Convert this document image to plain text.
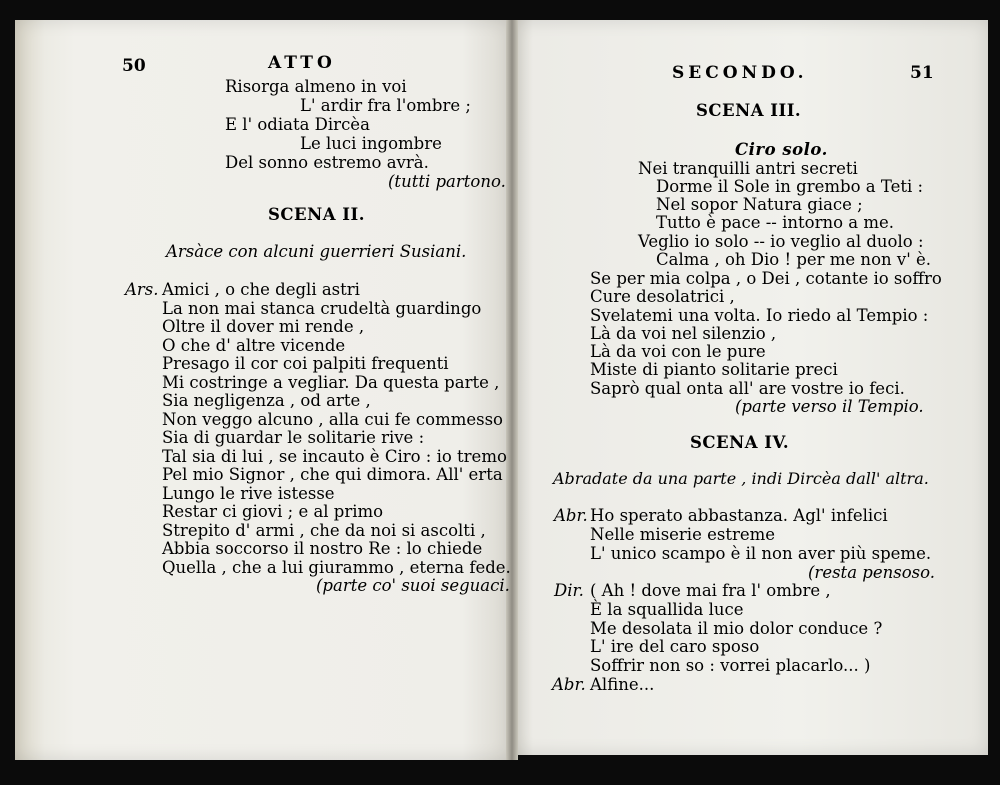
50	ATTO
Risorga almeno in voi
L' ardir fra l'ombre ;
E l' odiata Dircèa
Le luci ingombre
Del sonno estremo avrà.
(tutti partono.
SCENA II.
Arsàce con alcuni guerrieri Susiani.
Ars. Amici , o che degli astri
La non mai stanca crudeltà guardingo
Oltre il dover mi rende ,
O che d' altre vicende
Presago il cor coi palpiti frequenti
Mi costringe a vegliar. Da questa parte ,
Sia negligenza , od arte ,
Non veggo alcuno , alla cui fe commesso
Sia di guardar le solitarie rive :
Tal sia di lui , se incauto è Ciro : io tremo
Pel mio Signor , che qui dimora. All' erta
Lungo le rive istesse
Restar ci giovi ; e al primo
Strepito d' armi , che da noi si ascolti ,
Abbia soccorso il nostro Re : lo chiede
Quella , che a lui giurammo , eterna fede.
(parte co' suoi seguaci.
SECONDO.	51
SCENA III.
Ciro solo.
Nei tranquilli antri secreti
Dorme il Sole in grembo a Teti :
Nel sopor Natura giace ;
Tutto è pace -- intorno a me.
Veglio io solo -- io veglio al duolo :
Calma , oh Dio ! per me non v' è.
Se per mia colpa , o Dei , cotante io soffro
Cure desolatrici ,
Svelatemi una volta. Io riedo al Tempio :
Là da voi nel silenzio ,
Là da voi con le pure
Miste di pianto solitarie preci
Saprò qual onta all' are vostre io feci.
(parte verso il Tempio.
SCENA IV.
Abradate da una parte , indi Dircèa dall' altra.
Abr. Ho sperato abbastanza. Agl' infelici
Nelle miserie estreme
L' unico scampo è il non aver più speme.
(resta pensoso.
Dir. ( Ah ! dove mai fra l' ombre ,
È la squallida luce
Me desolata il mio dolor conduce ?
L' ire del caro sposo
Soffrir non so : vorrei placarlo... )
Abr. Alfine...
